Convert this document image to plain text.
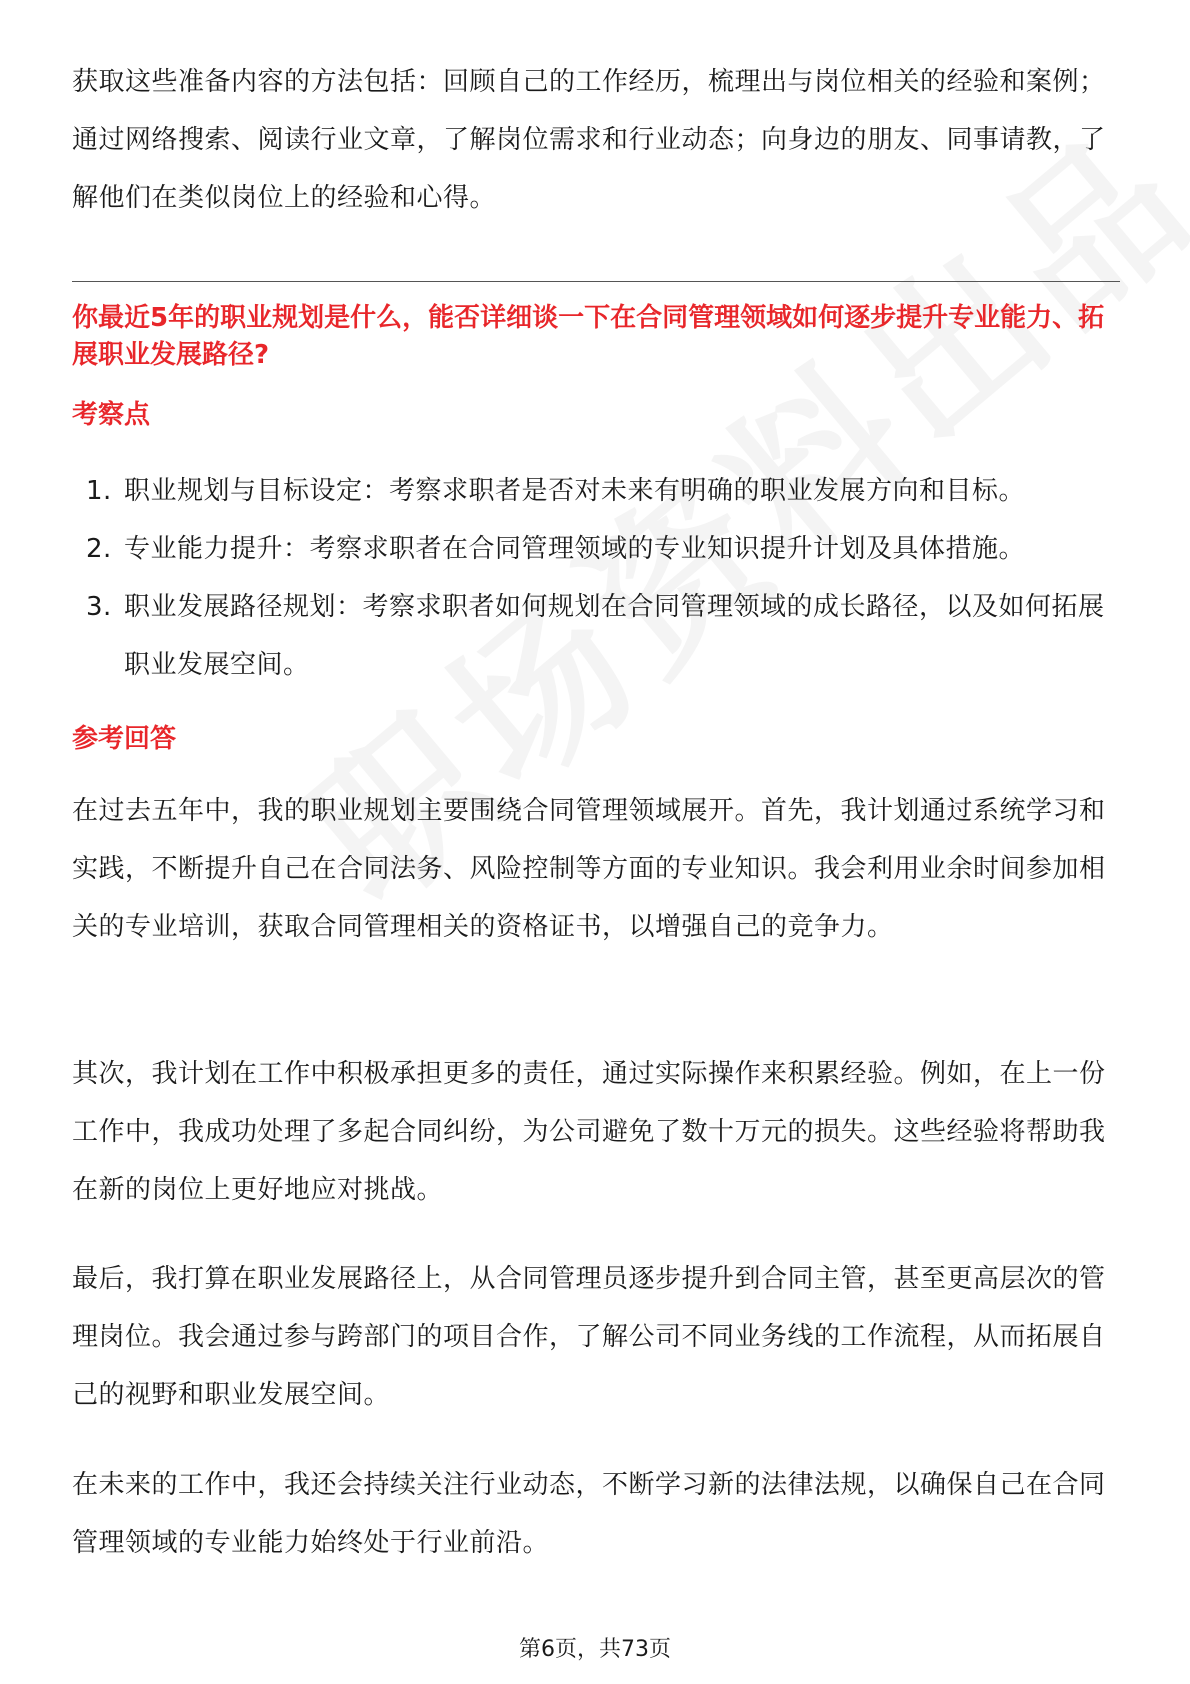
获取这些准备内容的方法包括：回顾自己的工作经历，梳理出与岗位相关的经验和案例；通过网络搜索、阅读行业文章，了解岗位需求和行业动态；向身边的朋友、同事请教，了解他们在类似岗位上的经验和心得。

你最近5年的职业规划是什么，能否详细谈一下在合同管理领域如何逐步提升专业能力、拓展职业发展路径?

考察点

1. 职业规划与目标设定：考察求职者是否对未来有明确的职业发展方向和目标。
2. 专业能力提升：考察求职者在合同管理领域的专业知识提升计划及具体措施。
3. 职业发展路径规划：考察求职者如何规划在合同管理领域的成长路径，以及如何拓展职业发展空间。

参考回答

在过去五年中，我的职业规划主要围绕合同管理领域展开。首先，我计划通过系统学习和实践，不断提升自己在合同法务、风险控制等方面的专业知识。我会利用业余时间参加相关的专业培训，获取合同管理相关的资格证书，以增强自己的竞争力。

其次，我计划在工作中积极承担更多的责任，通过实际操作来积累经验。例如，在上一份工作中，我成功处理了多起合同纠纷，为公司避免了数十万元的损失。这些经验将帮助我在新的岗位上更好地应对挑战。

最后，我打算在职业发展路径上，从合同管理员逐步提升到合同主管，甚至更高层次的管理岗位。我会通过参与跨部门的项目合作，了解公司不同业务线的工作流程，从而拓展自己的视野和职业发展空间。

在未来的工作中，我还会持续关注行业动态，不断学习新的法律法规，以确保自己在合同管理领域的专业能力始终处于行业前沿。

第6页，共73页
